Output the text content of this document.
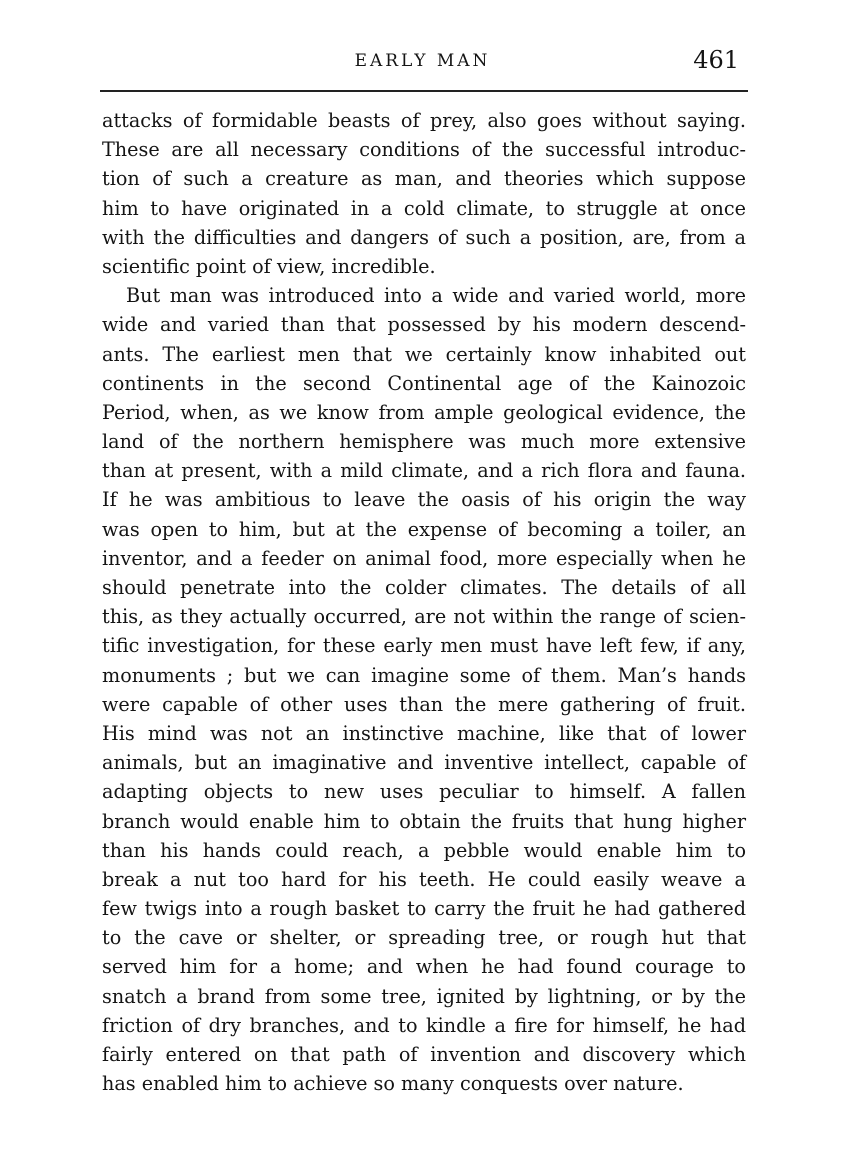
EARLY MAN	461
attacks of formidable beasts of prey, also goes without saying.
These are all necessary conditions of the successful introduc-
tion of such a creature as man, and theories which suppose
him to have originated in a cold climate, to struggle at once
with the difficulties and dangers of such a position, are, from a
scientific point of view, incredible.
But man was introduced into a wide and varied world, more
wide and varied than that possessed by his modern descend-
ants. The earliest men that we certainly know inhabited out
continents in the second Continental age of the Kainozoic
Period, when, as we know from ample geological evidence, the
land of the northern hemisphere was much more extensive
than at present, with a mild climate, and a rich flora and fauna.
If he was ambitious to leave the oasis of his origin the way
was open to him, but at the expense of becoming a toiler, an
inventor, and a feeder on animal food, more especially when he
should penetrate into the colder climates. The details of all
this, as they actually occurred, are not within the range of scien-
tific investigation, for these early men must have left few, if any,
monuments ; but we can imagine some of them. Man’s hands
were capable of other uses than the mere gathering of fruit.
His mind was not an instinctive machine, like that of lower
animals, but an imaginative and inventive intellect, capable of
adapting objects to new uses peculiar to himself. A fallen
branch would enable him to obtain the fruits that hung higher
than his hands could reach, a pebble would enable him to
break a nut too hard for his teeth. He could easily weave a
few twigs into a rough basket to carry the fruit he had gathered
to the cave or shelter, or spreading tree, or rough hut that
served him for a home; and when he had found courage to
snatch a brand from some tree, ignited by lightning, or by the
friction of dry branches, and to kindle a fire for himself, he had
fairly entered on that path of invention and discovery which
has enabled him to achieve so many conquests over nature.
